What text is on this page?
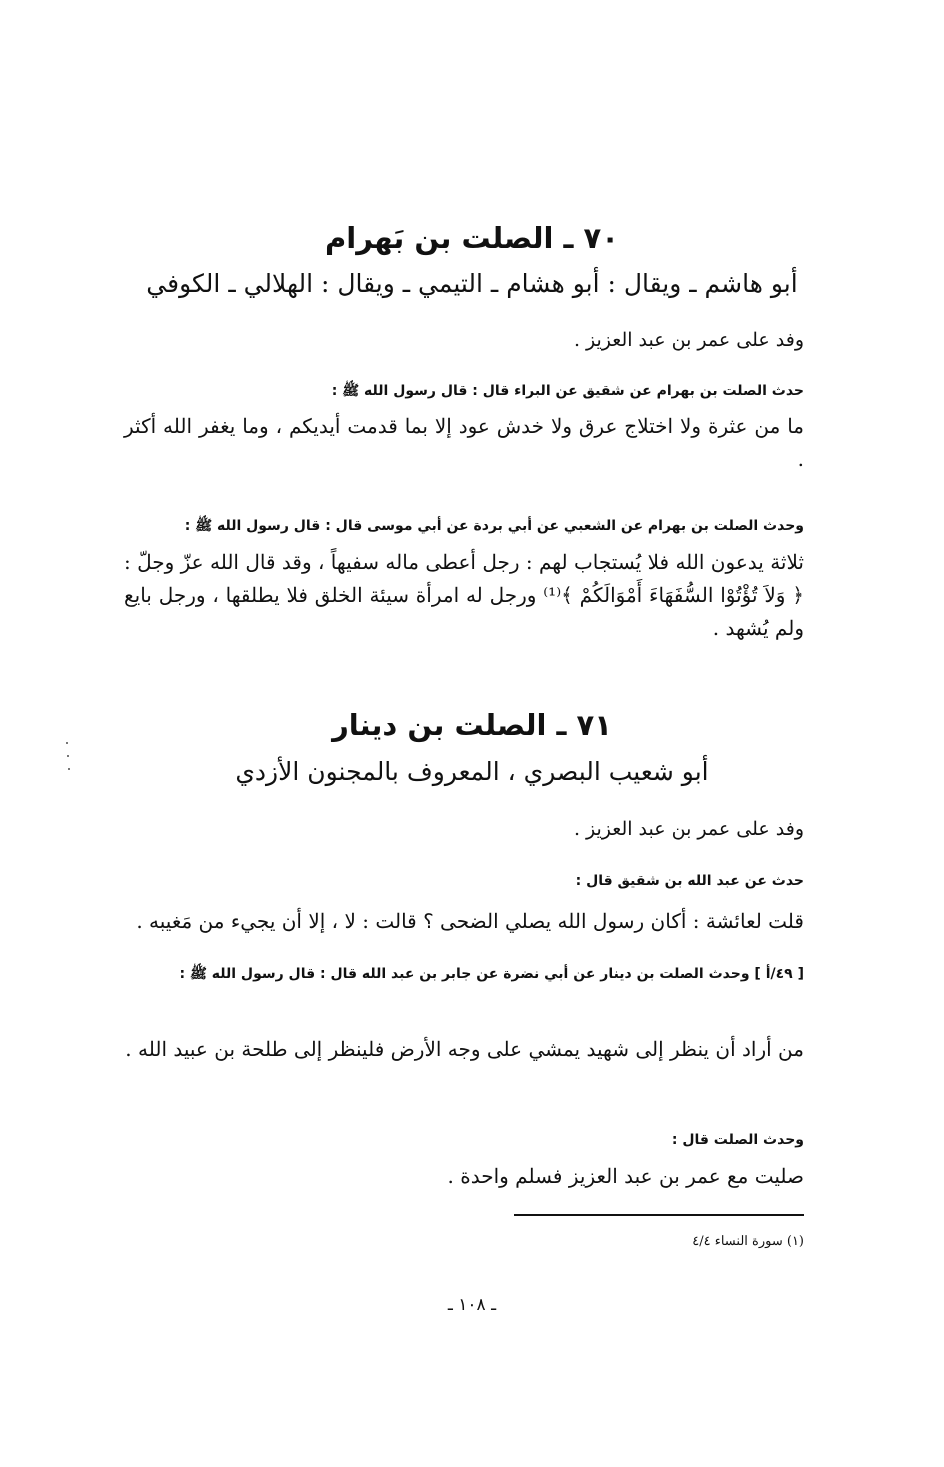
٧٠ ـ الصلت بن بَهرام
أبو هاشم ـ ويقال : أبو هشام ـ التيمي ـ ويقال : الهلالي ـ الكوفي
وفد على عمر بن عبد العزيز .
حدث الصلت بن بهرام عن شقيق عن البراء قال : قال رسول الله ﷺ :
ما من عثرة ولا اختلاج عرق ولا خدش عود إلا بما قدمت أيديكم ، وما يغفر الله أكثر .
وحدث الصلت بن بهرام عن الشعبي عن أبي بردة عن أبي موسى قال : قال رسول الله ﷺ :
ثلاثة يدعون الله فلا يُستجاب لهم : رجل أعطى ماله سفيهاً ، وقد قال الله عزّ وجلّ : ﴿ وَلاَ تُؤْتُوْا السُّفَهَاءَ أَمْوَالَكُمْ ﴾⁽¹⁾ ورجل له امرأة سيئة الخلق فلا يطلقها ، ورجل بايع ولم يُشهد .
٧١ ـ الصلت بن دينار
أبو شعيب البصري ، المعروف بالمجنون الأزدي
وفد على عمر بن عبد العزيز .
حدث عن عبد الله بن شقيق قال :
قلت لعائشة : أكان رسول الله يصلي الضحى ؟ قالت : لا ، إلا أن يجيء من مَغيبه .
[ ٤٩/أ ] وحدث الصلت بن دينار عن أبي نضرة عن جابر بن عبد الله قال : قال رسول الله ﷺ :
من أراد أن ينظر إلى شهيد يمشي على وجه الأرض فلينظر إلى طلحة بن عبيد الله .
وحدث الصلت قال :
صليت مع عمر بن عبد العزيز فسلم واحدة .
(١) سورة النساء ٤/٤
ـ ١٠٨ ـ
